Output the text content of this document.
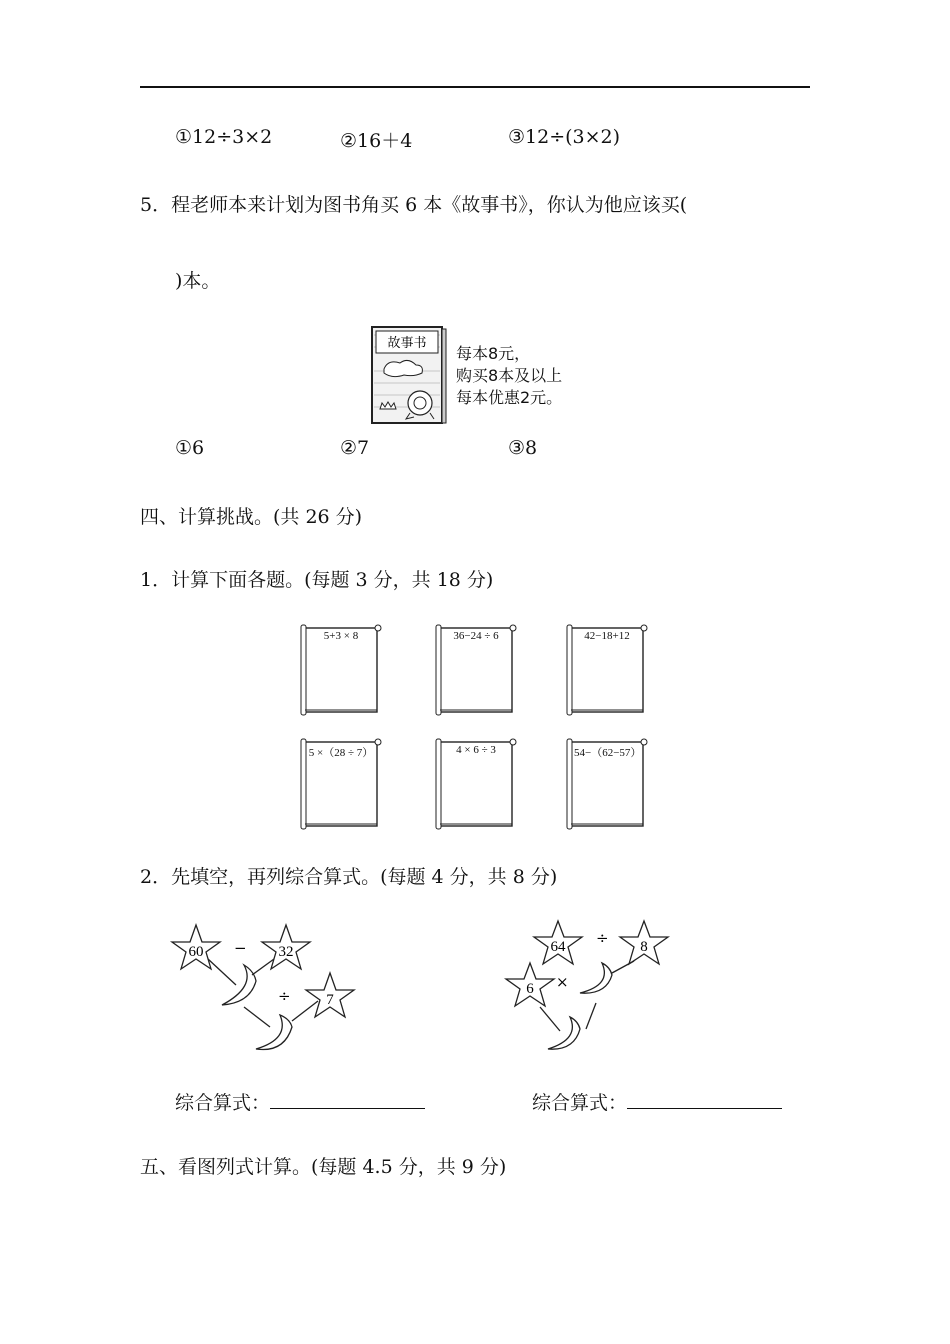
①12÷3×2	②16＋4	③12÷(3×2)
5．程老师本来计划为图书角买 6 本《故事书》，你认为他应该买(
)本。
故事书
每本8元，
购买8本及以上
每本优惠2元。
①6	②7	③8
四、计算挑战。(共 26 分)
1．计算下面各题。(每题 3 分，共 18 分)
5+3 × 8	36−24 ÷ 6	42−18+12
5 ×（28 ÷ 7）	4 × 6 ÷ 3	54−（62−57）
2．先填空，再列综合算式。(每题 4 分，共 8 分)
60	32
7
−
÷
64	8
6
÷
×
综合算式：	综合算式：
五、看图列式计算。(每题 4.5 分，共 9 分)
